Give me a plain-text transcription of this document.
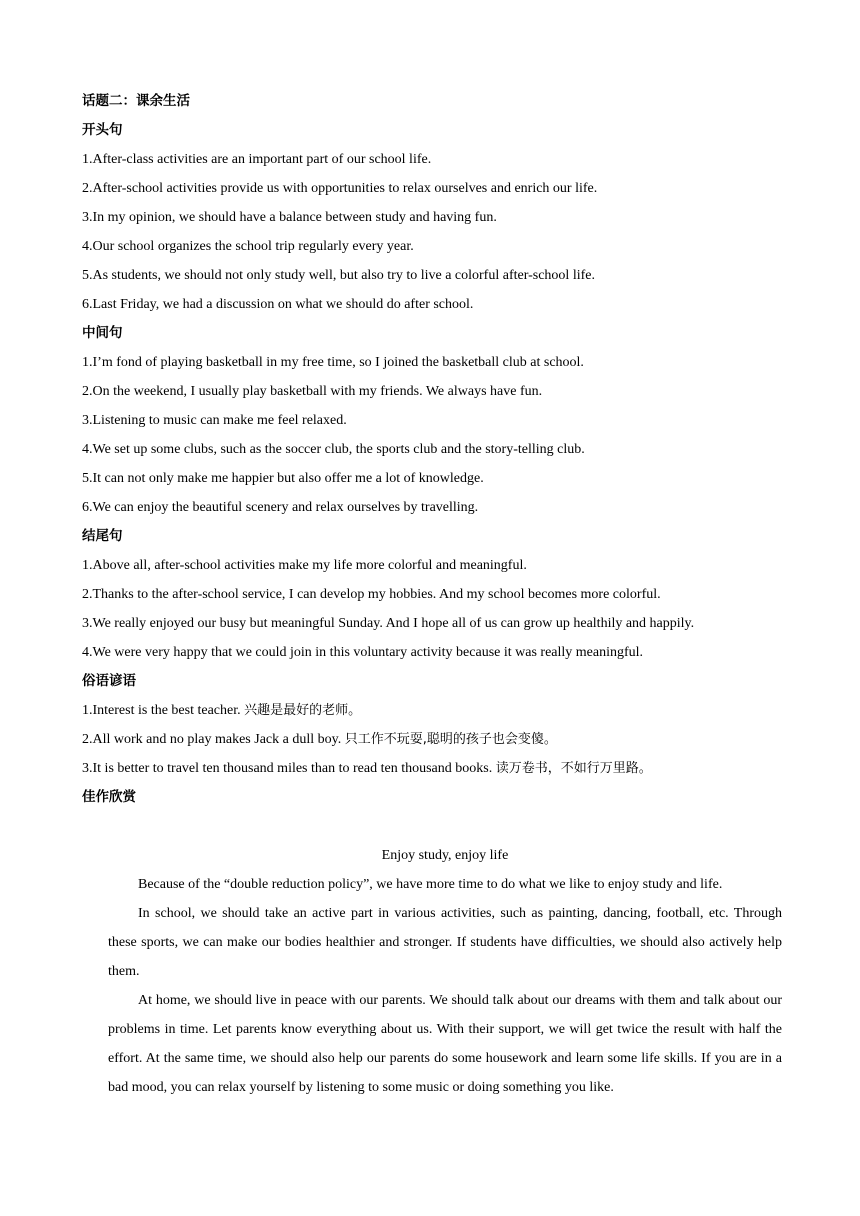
话题二：课余生活
开头句
1.After-class activities are an important part of our school life.
2.After-school activities provide us with opportunities to relax ourselves and enrich our life.
3.In my opinion, we should have a balance between study and having fun.
4.Our school organizes the school trip regularly every year.
5.As students, we should not only study well, but also try to live a colorful after-school life.
6.Last Friday, we had a discussion on what we should do after school.
中间句
1.I’m fond of playing basketball in my free time, so I joined the basketball club at school.
2.On the weekend, I usually play basketball with my friends. We always have fun.
3.Listening to music can make me feel relaxed.
4.We set up some clubs, such as the soccer club, the sports club and the story-telling club.
5.It can not only make me happier but also offer me a lot of knowledge.
6.We can enjoy the beautiful scenery and relax ourselves by travelling.
结尾句
1.Above all, after-school activities make my life more colorful and meaningful.
2.Thanks to the after-school service, I can develop my hobbies. And my school becomes more colorful.
3.We really enjoyed our busy but meaningful Sunday. And I hope all of us can grow up healthily and happily.
4.We were very happy that we could join in this voluntary activity because it was really meaningful.
俗语谚语
1.Interest is the best teacher. 兴趣是最好的老师。
2.All work and no play makes Jack a dull boy. 只工作不玩耍,聪明的孩子也会变傻。
3.It is better to travel ten thousand miles than to read ten thousand books. 读万卷书，不如行万里路。
佳作欣赏
Enjoy study, enjoy life

Because of the “double reduction policy”, we have more time to do what we like to enjoy study and life.

In school, we should take an active part in various activities, such as painting, dancing, football, etc. Through these sports, we can make our bodies healthier and stronger. If students have difficulties, we should also actively help them.

At home, we should live in peace with our parents. We should talk about our dreams with them and talk about our problems in time. Let parents know everything about us. With their support, we will get twice the result with half the effort. At the same time, we should also help our parents do some housework and learn some life skills. If you are in a bad mood, you can relax yourself by listening to some music or doing something you like.
